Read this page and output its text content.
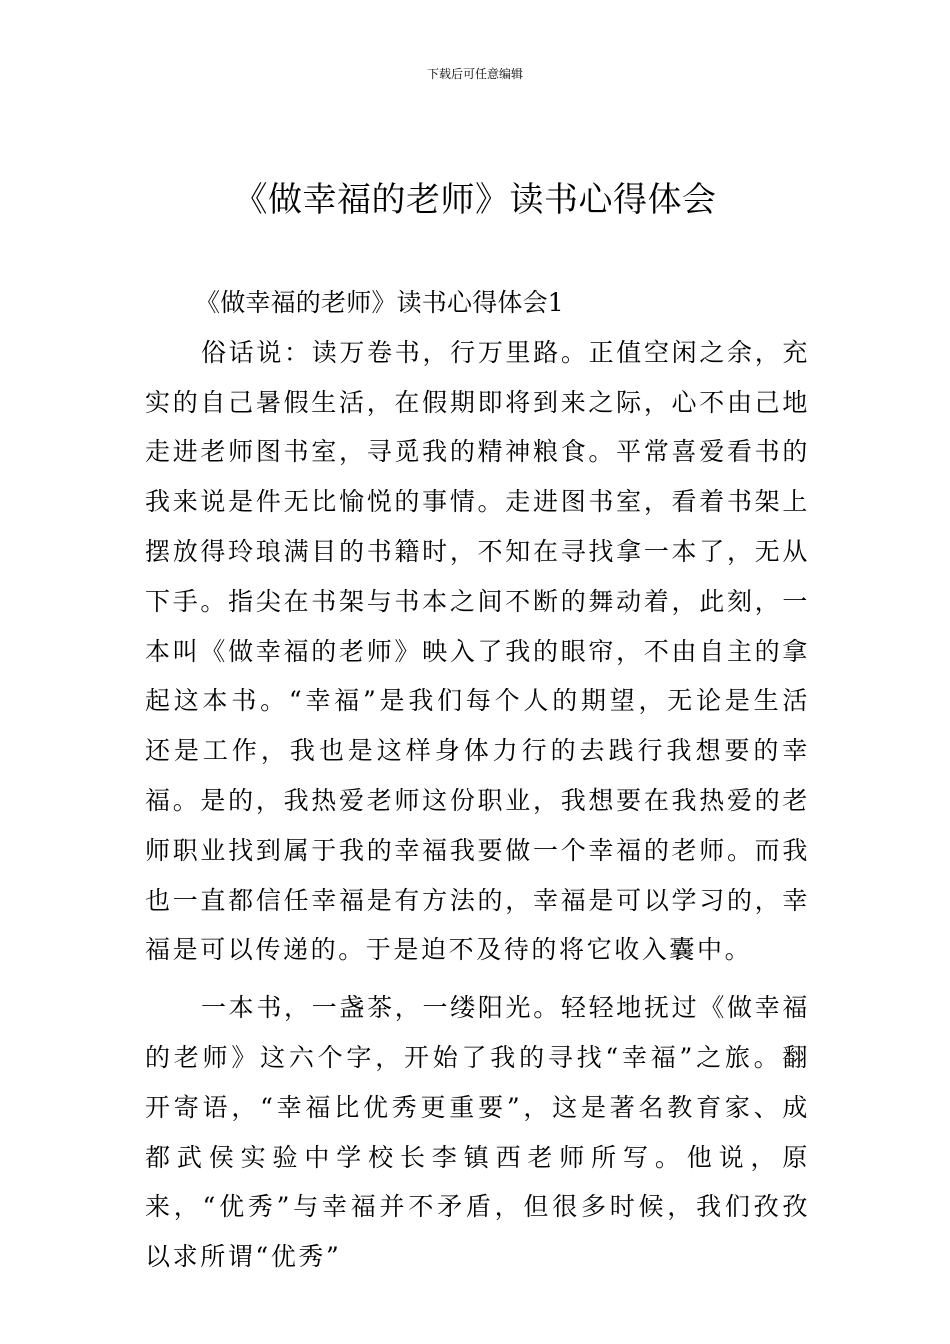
下载后可任意编辑
《做幸福的老师》读书心得体会

《做幸福的老师》读书心得体会1

俗话说：读万卷书，行万里路。正值空闲之余，充实的自己暑假生活，在假期即将到来之际，心不由己地走进老师图书室，寻觅我的精神粮食。平常喜爱看书的我来说是件无比愉悦的事情。走进图书室，看着书架上摆放得玲琅满目的书籍时，不知在寻找拿一本了，无从下手。指尖在书架与书本之间不断的舞动着，此刻，一本叫《做幸福的老师》映入了我的眼帘，不由自主的拿起这本书。“幸福”是我们每个人的期望，无论是生活还是工作，我也是这样身体力行的去践行我想要的幸福。是的，我热爱老师这份职业，我想要在我热爱的老师职业找到属于我的幸福我要做一个幸福的老师。而我也一直都信任幸福是有方法的，幸福是可以学习的，幸福是可以传递的。于是迫不及待的将它收入囊中。

一本书，一盏茶，一缕阳光。轻轻地抚过《做幸福的老师》这六个字，开始了我的寻找“幸福”之旅。翻开寄语，“幸福比优秀更重要”，这是著名教育家、成都武侯实验中学校长李镇西老师所写。他说，原来，“优秀”与幸福并不矛盾，但很多时候，我们孜孜以求所谓“优秀”
